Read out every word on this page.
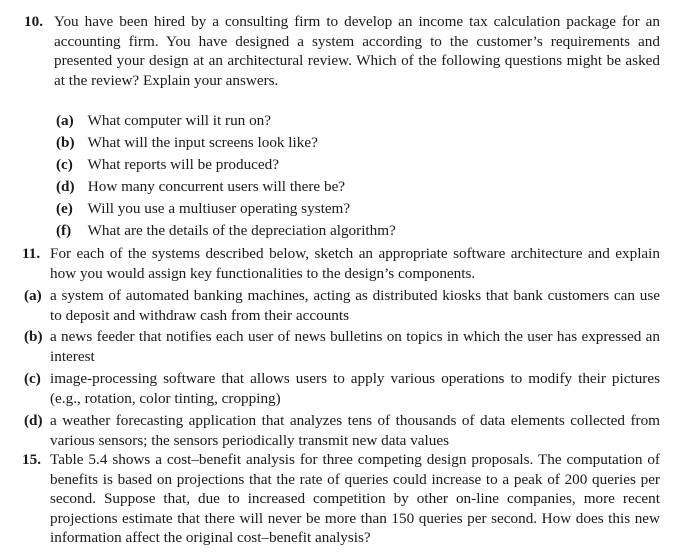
10. You have been hired by a consulting firm to develop an income tax calculation package for an accounting firm. You have designed a system according to the customer’s requirements and presented your design at an architectural review. Which of the following questions might be asked at the review? Explain your answers.
(a) What computer will it run on?
(b) What will the input screens look like?
(c) What reports will be produced?
(d) How many concurrent users will there be?
(e) Will you use a multiuser operating system?
(f) What are the details of the depreciation algorithm?
11. For each of the systems described below, sketch an appropriate software architecture and explain how you would assign key functionalities to the design’s components.
(a) a system of automated banking machines, acting as distributed kiosks that bank customers can use to deposit and withdraw cash from their accounts
(b) a news feeder that notifies each user of news bulletins on topics in which the user has expressed an interest
(c) image-processing software that allows users to apply various operations to modify their pictures (e.g., rotation, color tinting, cropping)
(d) a weather forecasting application that analyzes tens of thousands of data elements collected from various sensors; the sensors periodically transmit new data values
15. Table 5.4 shows a cost–benefit analysis for three competing design proposals. The computation of benefits is based on projections that the rate of queries could increase to a peak of 200 queries per second. Suppose that, due to increased competition by other on-line companies, more recent projections estimate that there will never be more than 150 queries per second. How does this new information affect the original cost–benefit analysis?
